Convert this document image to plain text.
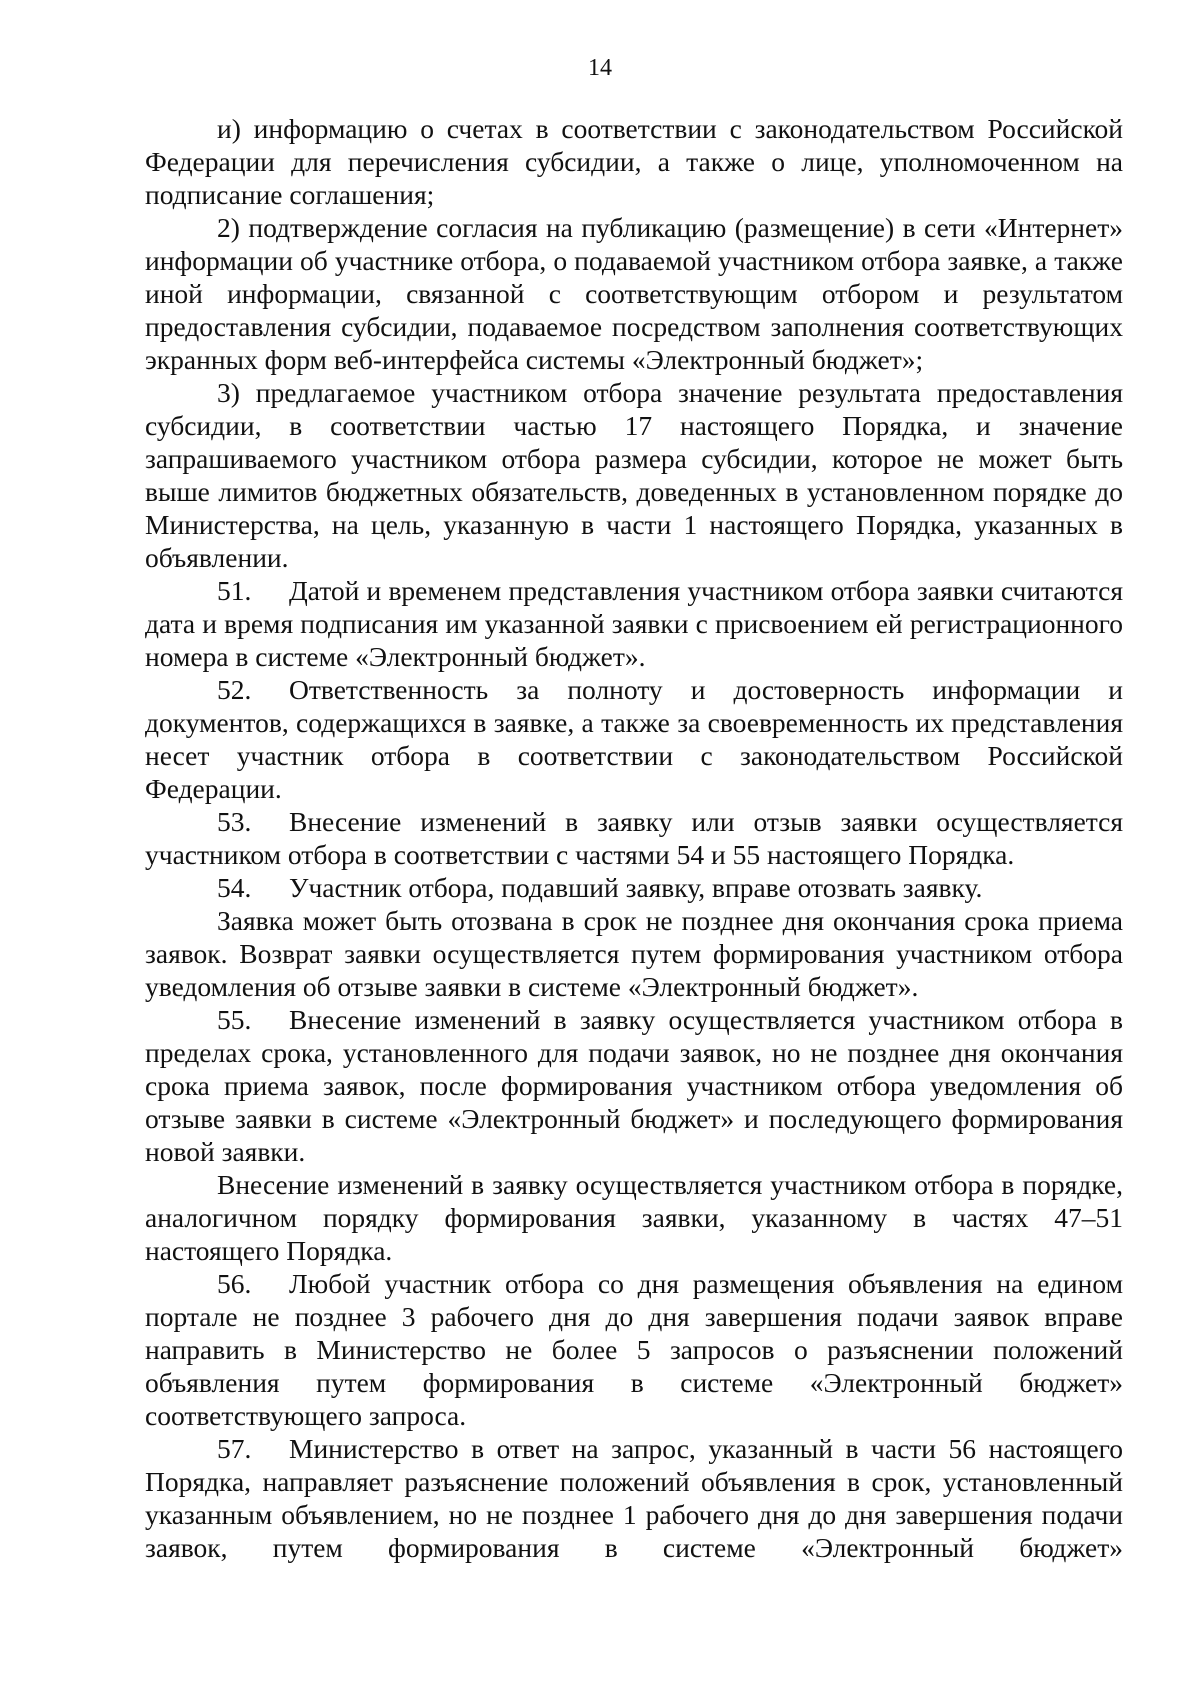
14

и) информацию о счетах в соответствии с законодательством Российской Федерации для перечисления субсидии, а также о лице, уполномоченном на подписание соглашения;

2) подтверждение согласия на публикацию (размещение) в сети «Интернет» информации об участнике отбора, о подаваемой участником отбора заявке, а также иной информации, связанной с соответствующим отбором и результатом предоставления субсидии, подаваемое посредством заполнения соответствующих экранных форм веб-интерфейса системы «Электронный бюджет»;

3) предлагаемое участником отбора значение результата предоставления субсидии, в соответствии частью 17 настоящего Порядка, и значение запрашиваемого участником отбора размера субсидии, которое не может быть выше лимитов бюджетных обязательств, доведенных в установленном порядке до Министерства, на цель, указанную в части 1 настоящего Порядка, указанных в объявлении.

51. Датой и временем представления участником отбора заявки считаются дата и время подписания им указанной заявки с присвоением ей регистрационного номера в системе «Электронный бюджет».

52. Ответственность за полноту и достоверность информации и документов, содержащихся в заявке, а также за своевременность их представления несет участник отбора в соответствии с законодательством Российской Федерации.

53. Внесение изменений в заявку или отзыв заявки осуществляется участником отбора в соответствии с частями 54 и 55 настоящего Порядка.

54. Участник отбора, подавший заявку, вправе отозвать заявку.

Заявка может быть отозвана в срок не позднее дня окончания срока приема заявок. Возврат заявки осуществляется путем формирования участником отбора уведомления об отзыве заявки в системе «Электронный бюджет».

55. Внесение изменений в заявку осуществляется участником отбора в пределах срока, установленного для подачи заявок, но не позднее дня окончания срока приема заявок, после формирования участником отбора уведомления об отзыве заявки в системе «Электронный бюджет» и последующего формирования новой заявки.

Внесение изменений в заявку осуществляется участником отбора в порядке, аналогичном порядку формирования заявки, указанному в частях 47–51 настоящего Порядка.

56. Любой участник отбора со дня размещения объявления на едином портале не позднее 3 рабочего дня до дня завершения подачи заявок вправе направить в Министерство не более 5 запросов о разъяснении положений объявления путем формирования в системе «Электронный бюджет» соответствующего запроса.

57. Министерство в ответ на запрос, указанный в части 56 настоящего Порядка, направляет разъяснение положений объявления в срок, установленный указанным объявлением, но не позднее 1 рабочего дня до дня завершения подачи заявок, путем формирования в системе «Электронный бюджет»
